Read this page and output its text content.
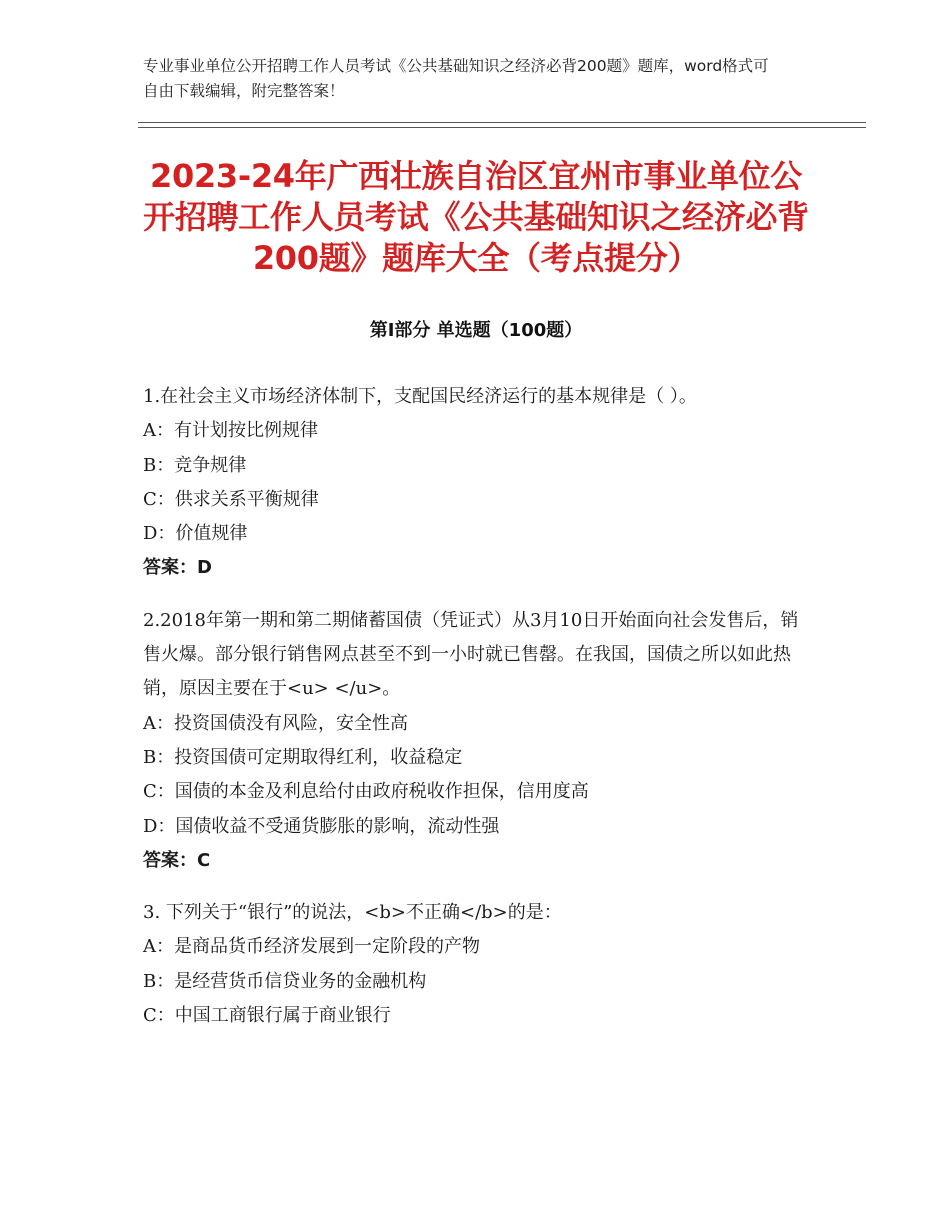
专业事业单位公开招聘工作人员考试《公共基础知识之经济必背200题》题库，word格式可自由下载编辑，附完整答案！
2023-24年广西壮族自治区宜州市事业单位公开招聘工作人员考试《公共基础知识之经济必背200题》题库大全（考点提分）
第Ⅰ部分 单选题（100题）

1.在社会主义市场经济体制下，支配国民经济运行的基本规律是（ ）。

A：有计划按比例规律

B：竞争规律

C：供求关系平衡规律

D：价值规律

答案：D

2.2018年第一期和第二期储蓄国债（凭证式）从3月10日开始面向社会发售后，销售火爆。部分银行销售网点甚至不到一小时就已售罄。在我国，国债之所以如此热销，原因主要在于<u> </u>。

A：投资国债没有风险，安全性高

B：投资国债可定期取得红利，收益稳定

C：国债的本金及利息给付由政府税收作担保，信用度高

D：国债收益不受通货膨胀的影响，流动性强

答案：C

3. 下列关于“银行”的说法，<b>不正确</b>的是：

A：是商品货币经济发展到一定阶段的产物

B：是经营货币信贷业务的金融机构

C：中国工商银行属于商业银行
